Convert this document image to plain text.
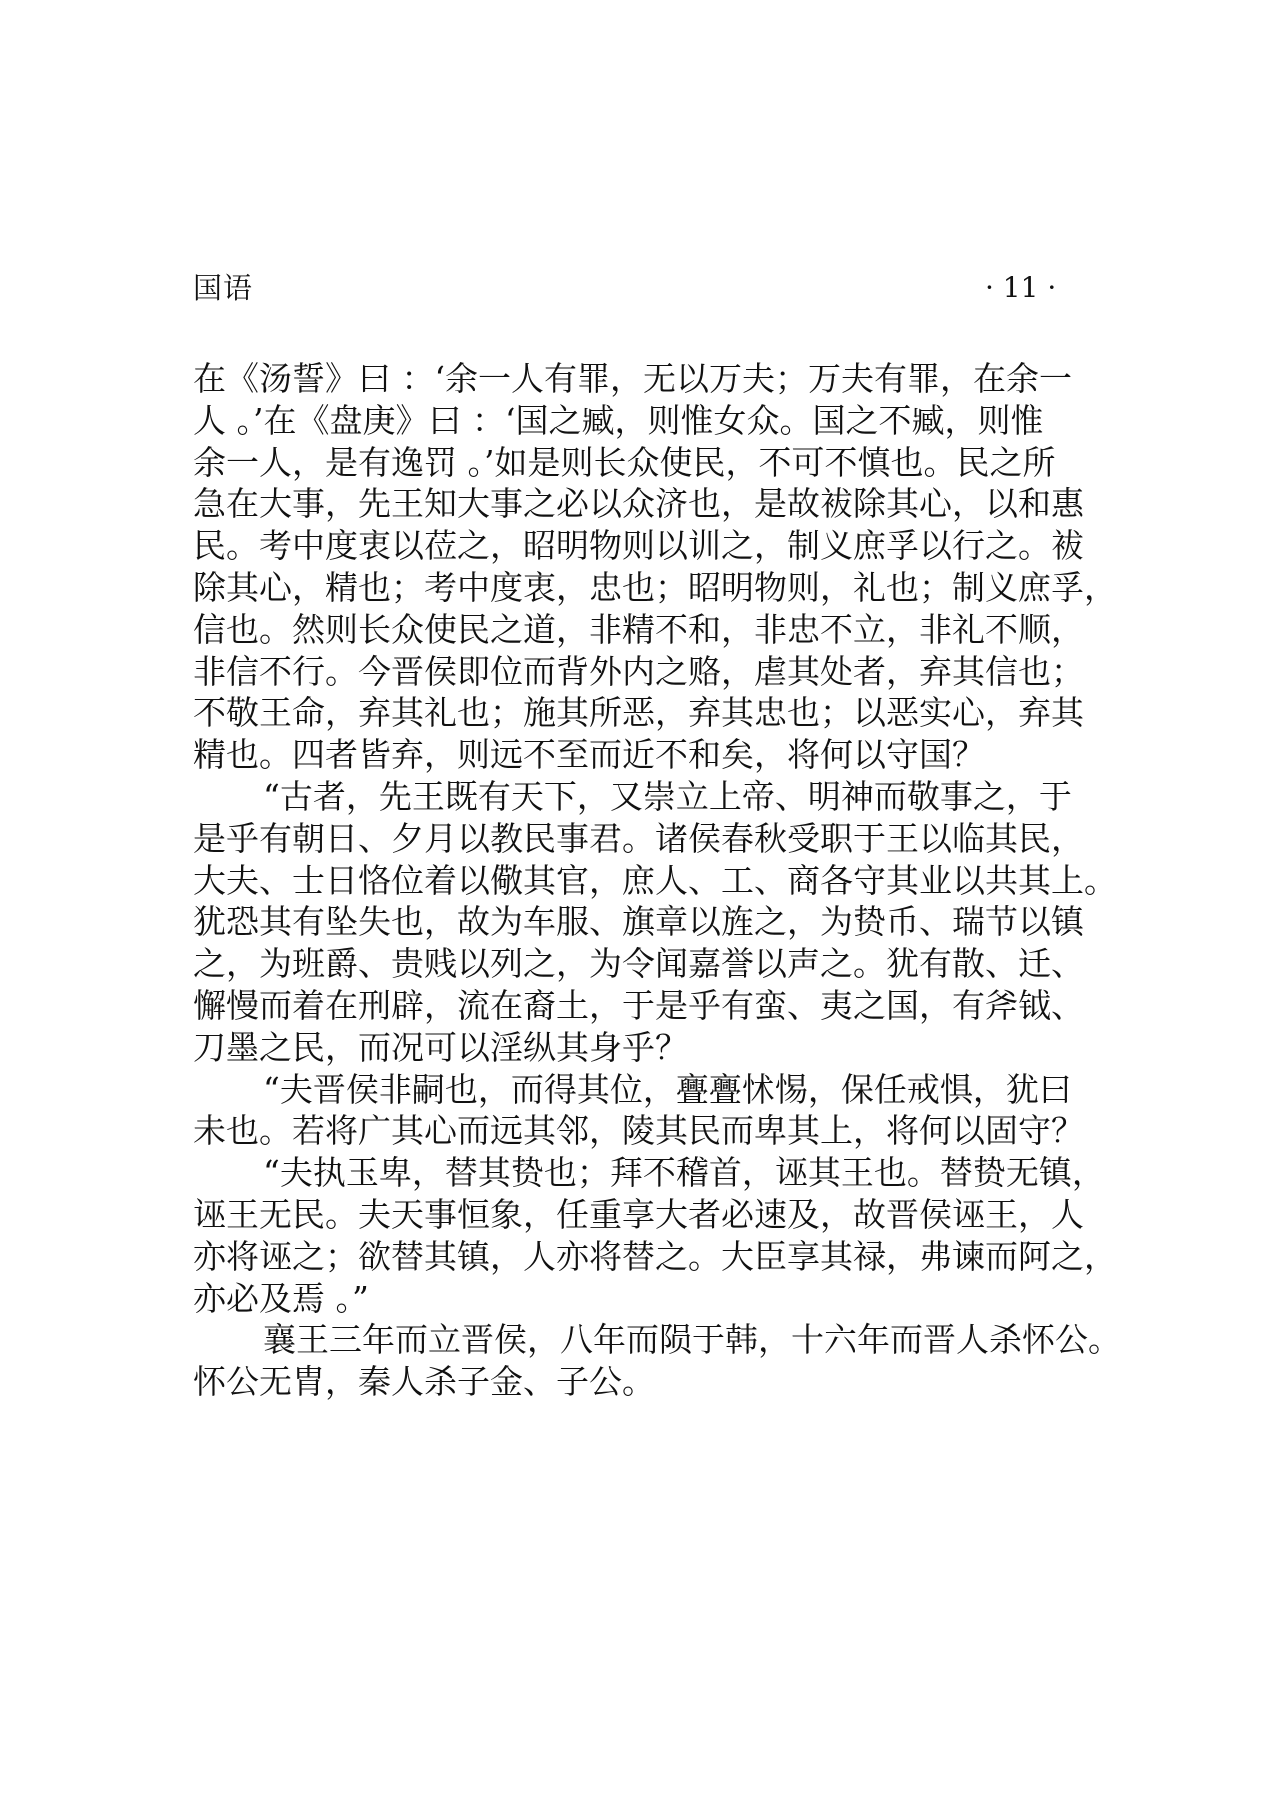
国语	· 11 ·
在《汤誓》曰 ：‘余一人有罪，无以万夫；万夫有罪，在余一
人 。’在《盘庚》曰 ：‘国之臧，则惟女众。国之不臧，则惟
余一人，是有逸罚 。’如是则长众使民，不可不慎也。民之所
急在大事，先王知大事之必以众济也，是故袚除其心，以和惠
民。考中度衷以莅之，昭明物则以训之，制义庶孚以行之。袚
除其心，精也；考中度衷，忠也；昭明物则，礼也；制义庶孚，
信也。然则长众使民之道，非精不和，非忠不立，非礼不顺，
非信不行。今晋侯即位而背外内之赂，虐其处者，弃其信也；
不敬王命，弃其礼也；施其所恶，弃其忠也；以恶实心，弃其
精也。四者皆弃，则远不至而近不和矣，将何以守国？
“古者，先王既有天下，又崇立上帝、明神而敬事之，于
是乎有朝日、夕月以教民事君。诸侯春秋受职于王以临其民，
大夫、士日恪位着以儆其官，庶人、工、商各守其业以共其上。
犹恐其有坠失也，故为车服、旗章以旌之，为贽币、瑞节以镇
之，为班爵、贵贱以列之，为令闻嘉誉以声之。犹有散、迁、
懈慢而着在刑辟，流在裔土，于是乎有蛮、夷之国，有斧钺、
刀墨之民，而况可以淫纵其身乎？
“夫晋侯非嗣也，而得其位，亹亹怵惕，保任戒惧，犹曰
未也。若将广其心而远其邻，陵其民而卑其上，将何以固守？
“夫执玉卑，替其贽也；拜不稽首，诬其王也。替贽无镇，
诬王无民。夫天事恒象，任重享大者必速及，故晋侯诬王，人
亦将诬之；欲替其镇，人亦将替之。大臣享其禄，弗谏而阿之，
亦必及焉 。”
襄王三年而立晋侯，八年而陨于韩，十六年而晋人杀怀公。
怀公无胄，秦人杀子金、子公。
